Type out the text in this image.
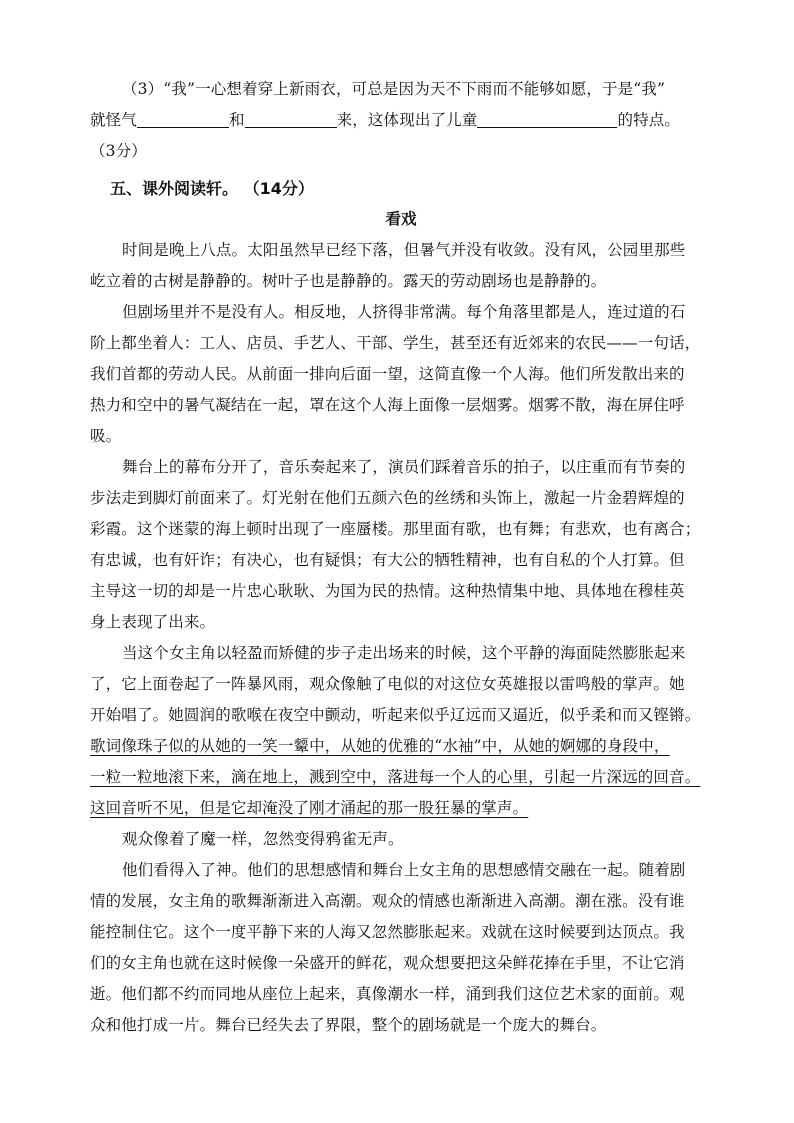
（3）“我”一心想着穿上新雨衣，可总是因为天不下雨而不能够如愿，于是“我”
就怪气	和	来，这体现出了儿童	的特点。
（3分）
五、课外阅读轩。 （14分）
看戏
时间是晚上八点。太阳虽然早已经下落，但暑气并没有收敛。没有风，公园里那些
屹立着的古树是静静的。树叶子也是静静的。露天的劳动剧场也是静静的。
但剧场里并不是没有人。相反地，人挤得非常满。每个角落里都是人，连过道的石
阶上都坐着人：工人、店员、手艺人、干部、学生，甚至还有近郊来的农民——一句话，
我们首都的劳动人民。从前面一排向后面一望，这简直像一个人海。他们所发散出来的
热力和空中的暑气凝结在一起，罩在这个人海上面像一层烟雾。烟雾不散，海在屏住呼
吸。
舞台上的幕布分开了，音乐奏起来了，演员们踩着音乐的拍子，以庄重而有节奏的
步法走到脚灯前面来了。灯光射在他们五颜六色的丝绣和头饰上，激起一片金碧辉煌的
彩霞。这个迷蒙的海上顿时出现了一座蜃楼。那里面有歌，也有舞；有悲欢，也有离合；
有忠诚，也有奸诈；有决心，也有疑惧；有大公的牺牲精神，也有自私的个人打算。但
主导这一切的却是一片忠心耿耿、为国为民的热情。这种热情集中地、具体地在穆桂英
身上表现了出来。
当这个女主角以轻盈而矫健的步子走出场来的时候，这个平静的海面陡然膨胀起来
了，它上面卷起了一阵暴风雨，观众像触了电似的对这位女英雄报以雷鸣般的掌声。她
开始唱了。她圆润的歌喉在夜空中颤动，听起来似乎辽远而又逼近，似乎柔和而又铿锵。
歌词像珠子似的从她的一笑一颦中，从她的优雅的“水袖”中，从她的婀娜的身段中，
一粒一粒地滚下来，滴在地上，溅到空中，落进每一个人的心里，引起一片深远的回音。
这回音听不见，但是它却淹没了刚才涌起的那一股狂暴的掌声。
观众像着了魔一样，忽然变得鸦雀无声。
他们看得入了神。他们的思想感情和舞台上女主角的思想感情交融在一起。随着剧
情的发展，女主角的歌舞渐渐进入高潮。观众的情感也渐渐进入高潮。潮在涨。没有谁
能控制住它。这个一度平静下来的人海又忽然膨胀起来。戏就在这时候要到达顶点。我
们的女主角也就在这时候像一朵盛开的鲜花，观众想要把这朵鲜花捧在手里，不让它消
逝。他们都不约而同地从座位上起来，真像潮水一样，涌到我们这位艺术家的面前。观
众和他打成一片。舞台已经失去了界限，整个的剧场就是一个庞大的舞台。
